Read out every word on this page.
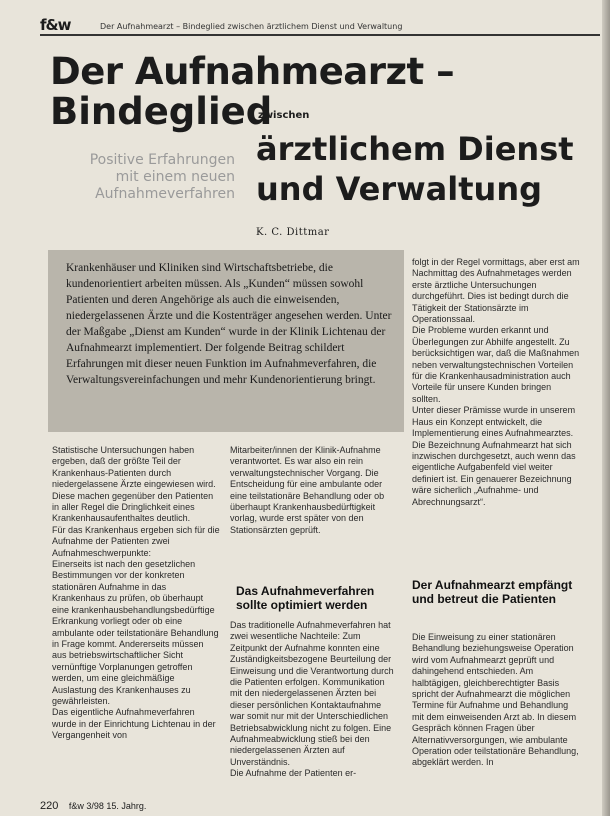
f&w	Der Aufnahmearzt – Bindeglied zwischen ärztlichem Dienst und Verwaltung
Der Aufnahmearzt –
Bindeglied
zwischen
ärztlichem Dienst
und Verwaltung
Positive Erfahrungen
mit einem neuen
Aufnahmeverfahren
K. C. Dittmar
Krankenhäuser und Kliniken sind Wirtschaftsbetriebe, die kundenorientiert arbeiten müssen. Als „Kunden“ müssen sowohl Patienten und deren Angehörige als auch die einweisenden, niedergelassenen Ärzte und die Kostenträger angesehen werden. Unter der Maßgabe „Dienst am Kunden“ wurde in der Klinik Lichtenau der Aufnahmearzt implementiert. Der folgende Beitrag schildert Erfahrungen mit dieser neuen Funktion im Aufnahmeverfahren, die Verwaltungsvereinfachungen und mehr Kundenorientierung bringt.

folgt in der Regel vormittags, aber erst am Nachmittag des Aufnahmetages werden erste ärztliche Untersuchungen durchgeführt. Dies ist bedingt durch die Tätigkeit der Stationsärzte im Operationssaal.

Die Probleme wurden erkannt und Überlegungen zur Abhilfe angestellt. Zu berücksichtigen war, daß die Maßnahmen neben verwaltungstechnischen Vorteilen für die Krankenhausadministration auch Vorteile für unsere Kunden bringen sollten.

Unter dieser Prämisse wurde in unserem Haus ein Konzept entwickelt, die Implementierung eines Aufnahmearztes. Die Bezeichnung Aufnahmearzt hat sich inzwischen durchgesetzt, auch wenn das eigentliche Aufgabenfeld viel weiter definiert ist. Ein genauerer Bezeichnung wäre sicherlich „Aufnahme- und Abrechnungsarzt“.

Statistische Untersuchungen haben ergeben, daß der größte Teil der Krankenhaus-Patienten durch niedergelassene Ärzte eingewiesen wird. Diese machen gegenüber den Patienten in aller Regel die Dringlichkeit eines Krankenhausaufenthaltes deutlich.

Für das Krankenhaus ergeben sich für die Aufnahme der Patienten zwei Aufnahmeschwerpunkte:

Einerseits ist nach den gesetzlichen Bestimmungen vor der konkreten stationären Aufnahme in das Krankenhaus zu prüfen, ob überhaupt eine krankenhausbehandlungsbedürftige Erkrankung vorliegt oder ob eine ambulante oder teilstationäre Behandlung in Frage kommt. Andererseits müssen aus betriebswirtschaftlicher Sicht vernünftige Vorplanungen getroffen werden, um eine gleichmäßige Auslastung des Krankenhauses zu gewährleisten.

Das eigentliche Aufnahmeverfahren wurde in der Einrichtung Lichtenau in der Vergangenheit von

Mitarbeiter/innen der Klinik-Aufnahme verantwortet. Es war also ein rein verwaltungstechnischer Vorgang. Die Entscheidung für eine ambulante oder eine teilstationäre Behandlung oder ob überhaupt Krankenhausbedürftigkeit vorlag, wurde erst später von den Stationsärzten geprüft.

Das Aufnahmeverfahren sollte optimiert werden

Das traditionelle Aufnahmeverfahren hat zwei wesentliche Nachteile: Zum Zeitpunkt der Aufnahme konnten eine Zuständigkeitsbezogene Beurteilung der Einweisung und die Verantwortung durch die Patienten erfolgen. Kommunikation mit den niedergelassenen Ärzten bei dieser persönlichen Kontaktaufnahme war somit nur mit der Unterschiedlichen Betriebsabwicklung nicht zu folgen. Eine Aufnahmeabwicklung stieß bei den niedergelassenen Ärzten auf Unverständnis.

Die Aufnahme der Patienten er-

Der Aufnahmearzt empfängt und betreut die Patienten

Die Einweisung zu einer stationären Behandlung beziehungsweise Operation wird vom Aufnahmearzt geprüft und dahingehend entschieden. Am halbtägigen, gleichberechtigter Basis spricht der Aufnahmearzt die möglichen Termine für Aufnahme und Behandlung mit dem einweisenden Arzt ab. In diesem Gespräch können Fragen über Alternativversorgungen, wie ambulante Operation oder teilstationäre Behandlung, abgeklärt werden. In

220 f&w 3/98 15. Jahrg.
